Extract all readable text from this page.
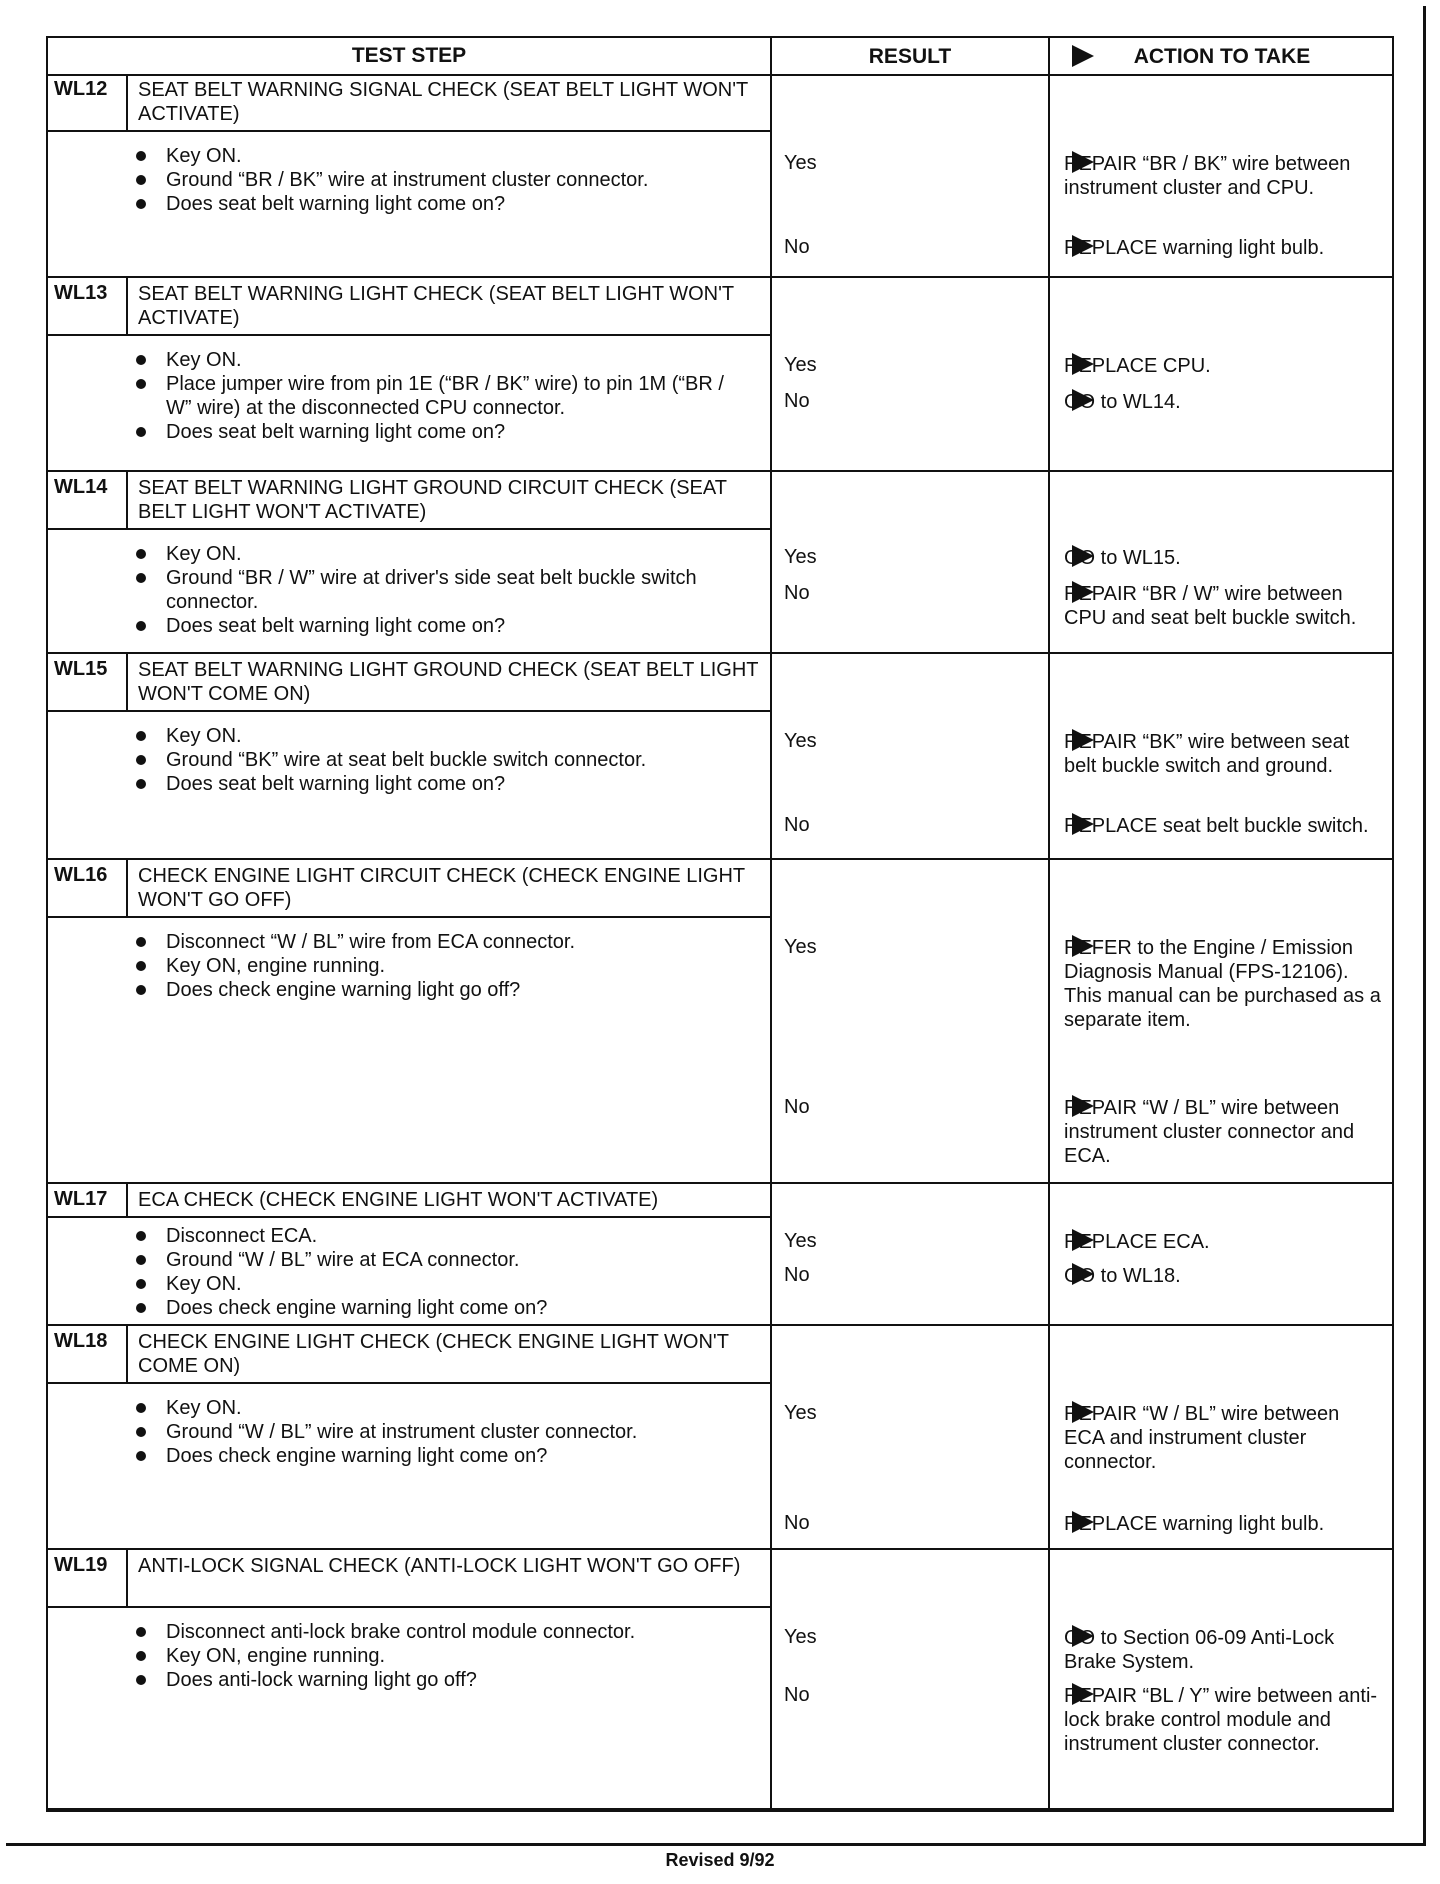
TEST STEP	RESULT	ACTION TO TAKE
WL12	SEAT BELT WARNING SIGNAL CHECK (SEAT BELT LIGHT WON'T ACTIVATE)
Key ON.
Ground “BR / BK” wire at instrument cluster connector.
Does seat belt warning light come on?
Yes	REPAIR “BR / BK” wire between instrument cluster and CPU.
No	REPLACE warning light bulb.
WL13	SEAT BELT WARNING LIGHT CHECK (SEAT BELT LIGHT WON'T ACTIVATE)
Key ON.
Place jumper wire from pin 1E (“BR / BK” wire) to pin 1M (“BR / W” wire) at the disconnected CPU connector.
Does seat belt warning light come on?
Yes	REPLACE CPU.
No	GO to WL14.
WL14	SEAT BELT WARNING LIGHT GROUND CIRCUIT CHECK (SEAT BELT LIGHT WON'T ACTIVATE)
Key ON.
Ground “BR / W” wire at driver's side seat belt buckle switch connector.
Does seat belt warning light come on?
Yes	GO to WL15.
No	REPAIR “BR / W” wire between CPU and seat belt buckle switch.
WL15	SEAT BELT WARNING LIGHT GROUND CHECK (SEAT BELT LIGHT WON'T COME ON)
Key ON.
Ground “BK” wire at seat belt buckle switch connector.
Does seat belt warning light come on?
Yes	REPAIR “BK” wire between seat belt buckle switch and ground.
No	REPLACE seat belt buckle switch.
WL16	CHECK ENGINE LIGHT CIRCUIT CHECK (CHECK ENGINE LIGHT WON'T GO OFF)
Disconnect “W / BL” wire from ECA connector.
Key ON, engine running.
Does check engine warning light go off?
Yes	REFER to the Engine / Emission Diagnosis Manual (FPS-12106). This manual can be purchased as a separate item.
No	REPAIR “W / BL” wire between instrument cluster connector and ECA.
WL17	ECA CHECK (CHECK ENGINE LIGHT WON'T ACTIVATE)
Disconnect ECA.
Ground “W / BL” wire at ECA connector.
Key ON.
Does check engine warning light come on?
Yes	REPLACE ECA.
No	GO to WL18.
WL18	CHECK ENGINE LIGHT CHECK (CHECK ENGINE LIGHT WON'T COME ON)
Key ON.
Ground “W / BL” wire at instrument cluster connector.
Does check engine warning light come on?
Yes	REPAIR “W / BL” wire between ECA and instrument cluster connector.
No	REPLACE warning light bulb.
WL19	ANTI-LOCK SIGNAL CHECK (ANTI-LOCK LIGHT WON'T GO OFF)
Disconnect anti-lock brake control module connector.
Key ON, engine running.
Does anti-lock warning light go off?
Yes	GO to Section 06-09 Anti-Lock Brake System.
No	REPAIR “BL / Y” wire between anti-lock brake control module and instrument cluster connector.
Revised 9/92
